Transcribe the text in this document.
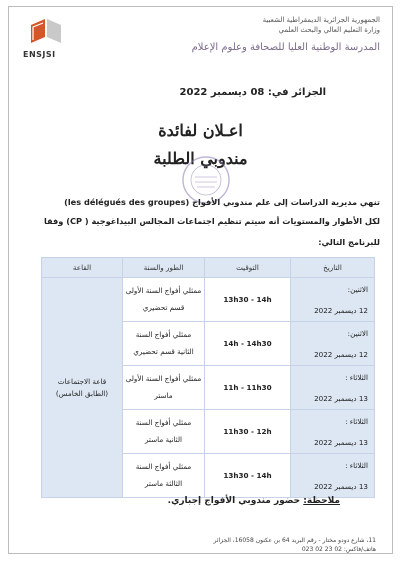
ENSJSI
الجمهورية الجزائرية الديمقراطية الشعبية
وزارة التعليم العالي والبحث العلمي
المدرسة الوطنية العليا للصحافة وعلوم الإعلام
الجزائر في: 08 ديسمبر 2022
اعـلان لفائدة
مندوبي الطلبة
تنهي مديرية الدراسات إلى علم مندوبي الأفواج (les délégués des groupes)
لكل الأطوار والمستويات أنه سيتم تنظيم اجتماعات المجالس البيداغوجية ( CP) وفقا
للبرنامج التالي:
التاريخ	التوقيت	الطور والسنة	القاعة

الاثنين:
12 ديسمبر 2022	13h30 - 14h	ممثلي أفواج السنة الأولى
قسم تحضيري	قاعة الاجتماعات
(الطابق الخامس)

الاثنين:
12 ديسمبر 2022	14h - 14h30	ممثلي أفواج السنة
الثانية قسم تحضيري	

الثلاثاء :
13 ديسمبر 2022	11h - 11h30	ممثلي أفواج السنة الأولى
ماستر	

الثلاثاء :
13 ديسمبر 2022	11h30 - 12h	ممثلي أفواج السنة
الثانية ماستر	

الثلاثاء :
13 ديسمبر 2022	13h30 - 14h	ممثلي أفواج السنة
الثالثة ماستر	
ملاحظة: حضور مندوبي الأفواج إجباري.
11، شارع دودو مختار - رقم البريد 64 بن عكنون 16058، الجزائر
هاتف/فاكس: 02 23 02 023
